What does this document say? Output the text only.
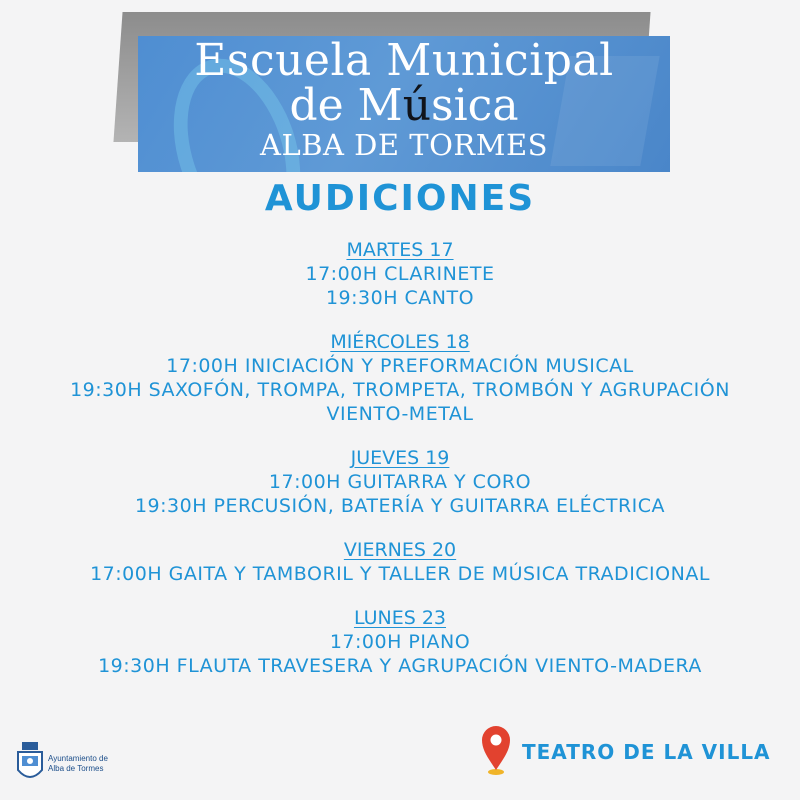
Escuela Municipal
de Música
ALBA DE TORMES
AUDICIONES
MARTES 17
17:00H CLARINETE
19:30H CANTO
MIÉRCOLES 18
17:00H INICIACIÓN Y PREFORMACIÓN MUSICAL
19:30H SAXOFÓN, TROMPA, TROMPETA, TROMBÓN Y AGRUPACIÓN
VIENTO-METAL
JUEVES 19
17:00H GUITARRA Y CORO
19:30H PERCUSIÓN, BATERÍA Y GUITARRA ELÉCTRICA
VIERNES 20
17:00H GAITA Y TAMBORIL Y TALLER DE MÚSICA TRADICIONAL
LUNES 23
17:00H PIANO
19:30H FLAUTA TRAVESERA Y AGRUPACIÓN VIENTO-MADERA
Ayuntamiento de
Alba de Tormes
TEATRO DE LA VILLA
